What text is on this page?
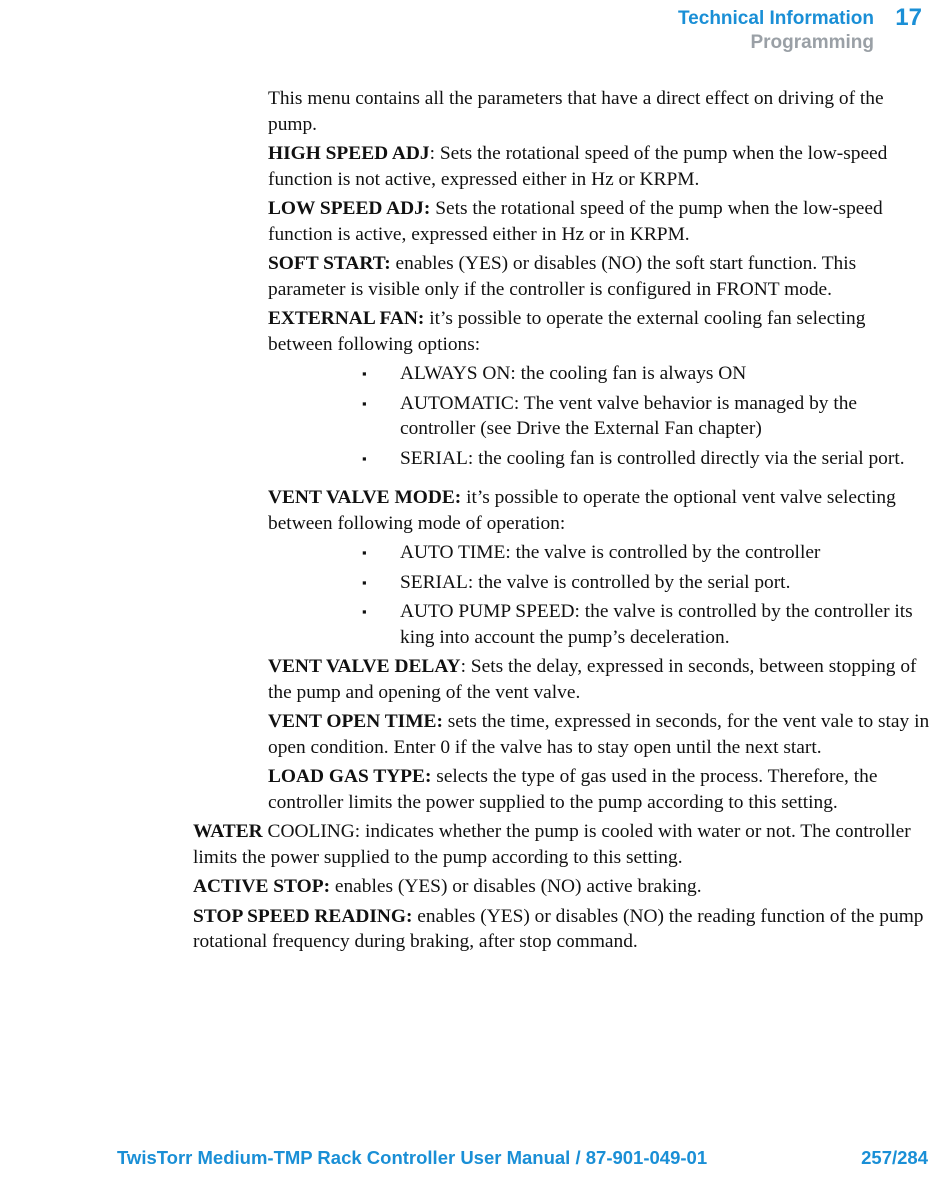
Technical Information 17
Programming

This menu contains all the parameters that have a direct effect on driving of the pump.

HIGH SPEED ADJ: Sets the rotational speed of the pump when the low-speed function is not active, expressed either in Hz or KRPM.

LOW SPEED ADJ: Sets the rotational speed of the pump when the low-speed function is active, expressed either in Hz or in KRPM.

SOFT START: enables (YES) or disables (NO) the soft start function. This parameter is visible only if the controller is configured in FRONT mode.

EXTERNAL FAN: it’s possible to operate the external cooling fan selecting between following options:

▪ ALWAYS ON: the cooling fan is always ON
▪ AUTOMATIC: The vent valve behavior is managed by the controller (see Drive the External Fan chapter)
▪ SERIAL: the cooling fan is controlled directly via the serial port.

VENT VALVE MODE: it’s possible to operate the optional vent valve selecting between following mode of operation:

▪ AUTO TIME: the valve is controlled by the controller
▪ SERIAL: the valve is controlled by the serial port.
▪ AUTO PUMP SPEED: the valve is controlled by the controller its king into account the pump’s deceleration.

VENT VALVE DELAY: Sets the delay, expressed in seconds, between stopping of the pump and opening of the vent valve.

VENT OPEN TIME: sets the time, expressed in seconds, for the vent vale to stay in open condition. Enter 0 if the valve has to stay open until the next start.

LOAD GAS TYPE: selects the type of gas used in the process. Therefore, the controller limits the power supplied to the pump according to this setting.

WATER COOLING: indicates whether the pump is cooled with water or not. The controller limits the power supplied to the pump according to this setting.

ACTIVE STOP: enables (YES) or disables (NO) active braking.

STOP SPEED READING: enables (YES) or disables (NO) the reading function of the pump rotational frequency during braking, after stop command.

TwisTorr Medium-TMP Rack Controller User Manual / 87-901-049-01	257/284
